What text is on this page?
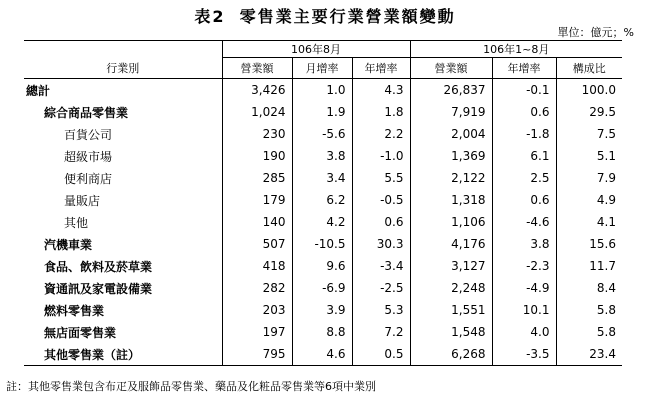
表2 零售業主要行業營業額變動
單位：億元；%
	106年8月			106年1~8月		
行業別	營業額	月增率	年增率	營業額	年增率	構成比
總計	3,426	1.0	4.3	26,837	-0.1	100.0
綜合商品零售業	1,024	1.9	1.8	7,919	0.6	29.5
百貨公司	230	-5.6	2.2	2,004	-1.8	7.5
超級市場	190	3.8	-1.0	1,369	6.1	5.1
便利商店	285	3.4	5.5	2,122	2.5	7.9
量販店	179	6.2	-0.5	1,318	0.6	4.9
其他	140	4.2	0.6	1,106	-4.6	4.1
汽機車業	507	-10.5	30.3	4,176	3.8	15.6
食品、飲料及菸草業	418	9.6	-3.4	3,127	-2.3	11.7
資通訊及家電設備業	282	-6.9	-2.5	2,248	-4.9	8.4
燃料零售業	203	3.9	5.3	1,551	10.1	5.8
無店面零售業	197	8.8	7.2	1,548	4.0	5.8
其他零售業（註）	795	4.6	0.5	6,268	-3.5	23.4
註：其他零售業包含布疋及服飾品零售業、藥品及化粧品零售業等6項中業別
